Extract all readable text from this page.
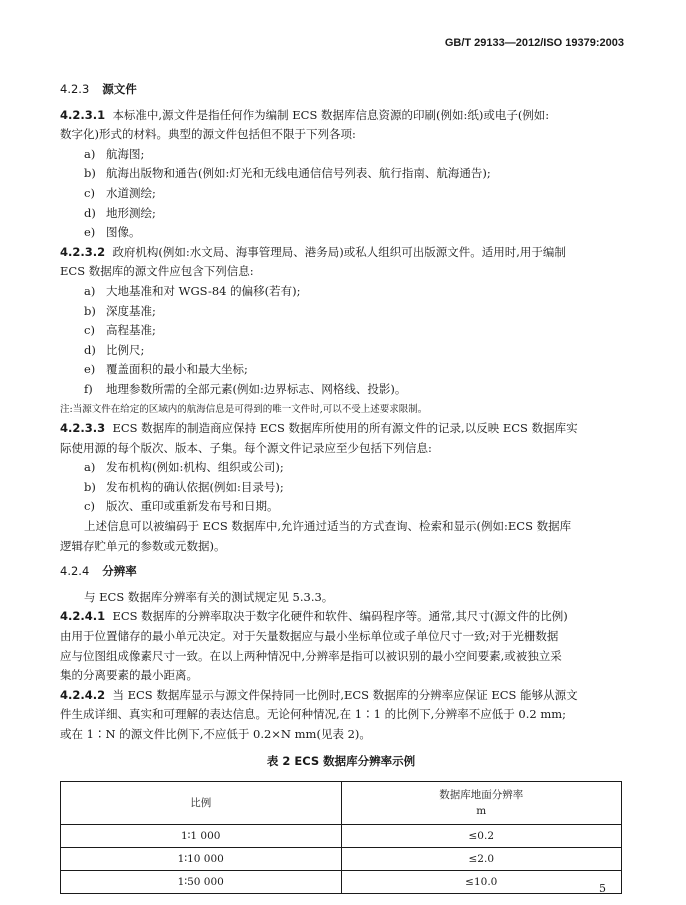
GB/T 29133—2012/ISO 19379:2003
4.2.3 源文件
4.2.3.1 本标准中,源文件是指任何作为编制 ECS 数据库信息资源的印刷(例如:纸)或电子(例如:
数字化)形式的材料。典型的源文件包括但不限于下列各项:
a) 航海图;
b) 航海出版物和通告(例如:灯光和无线电通信信号列表、航行指南、航海通告);
c) 水道测绘;
d) 地形测绘;
e) 图像。
4.2.3.2 政府机构(例如:水文局、海事管理局、港务局)或私人组织可出版源文件。适用时,用于编制
ECS 数据库的源文件应包含下列信息:
a) 大地基准和对 WGS-84 的偏移(若有);
b) 深度基准;
c) 高程基准;
d) 比例尺;
e) 覆盖面积的最小和最大坐标;
f) 地理参数所需的全部元素(例如:边界标志、网格线、投影)。
注:当源文件在给定的区域内的航海信息是可得到的唯一文件时,可以不受上述要求限制。
4.2.3.3 ECS 数据库的制造商应保持 ECS 数据库所使用的所有源文件的记录,以反映 ECS 数据库实
际使用源的每个版次、版本、子集。每个源文件记录应至少包括下列信息:
a) 发布机构(例如:机构、组织或公司);
b) 发布机构的确认依据(例如:目录号);
c) 版次、重印或重新发布号和日期。
上述信息可以被编码于 ECS 数据库中,允许通过适当的方式查询、检索和显示(例如:ECS 数据库
逻辑存贮单元的参数或元数据)。
4.2.4 分辨率
与 ECS 数据库分辨率有关的测试规定见 5.3.3。
4.2.4.1 ECS 数据库的分辨率取决于数字化硬件和软件、编码程序等。通常,其尺寸(源文件的比例)
由用于位置储存的最小单元决定。对于矢量数据应与最小坐标单位或子单位尺寸一致;对于光栅数据
应与位图组成像素尺寸一致。在以上两种情况中,分辨率是指可以被识别的最小空间要素,或被独立采
集的分离要素的最小距离。
4.2.4.2 当 ECS 数据库显示与源文件保持同一比例时,ECS 数据库的分辨率应保证 ECS 能够从源文
件生成详细、真实和可理解的表达信息。无论何种情况,在 1∶1 的比例下,分辨率不应低于 0.2 mm;
或在 1∶N 的源文件比例下,不应低于 0.2×N mm(见表 2)。
表 2 ECS 数据库分辨率示例
比例	数据库地面分辨率
m
1∶1 000	≤0.2
1∶10 000	≤2.0
1∶50 000	≤10.0
5
